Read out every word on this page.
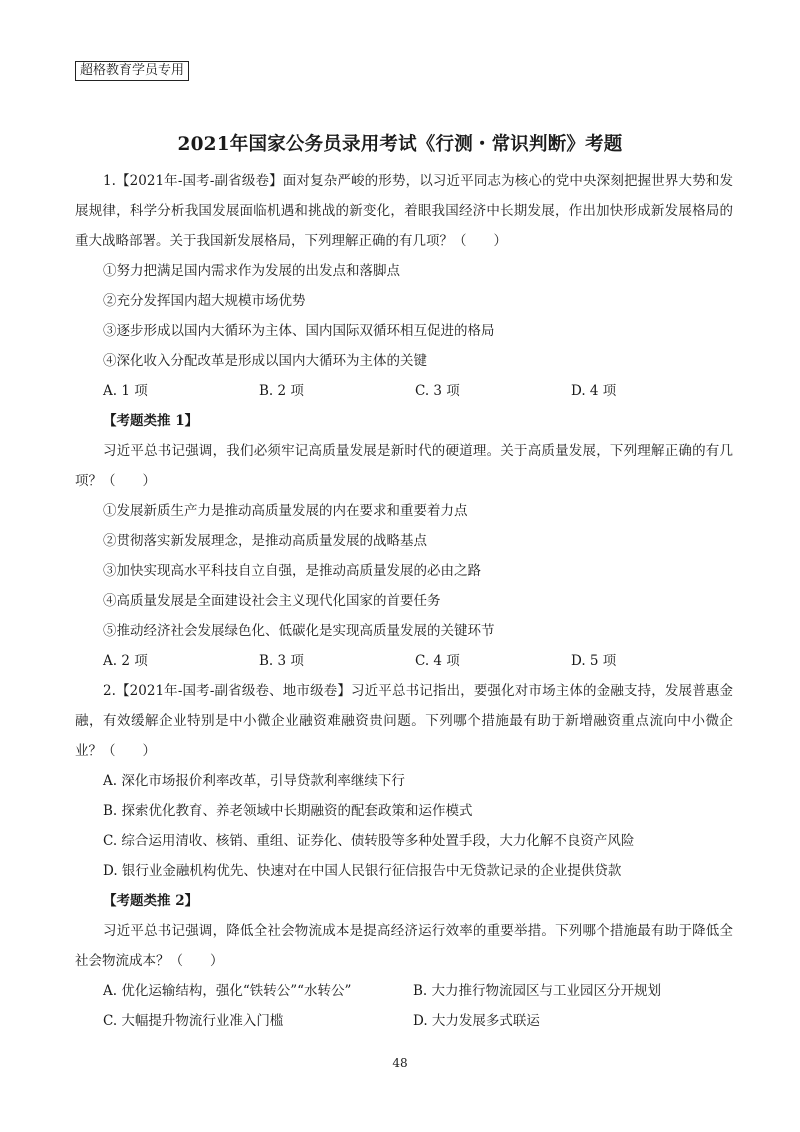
超格教育学员专用
2021年国家公务员录用考试《行测・常识判断》考题

1.【2021年-国考-副省级卷】面对复杂严峻的形势，以习近平同志为核心的党中央深刻把握世界大势和发展规律，科学分析我国发展面临机遇和挑战的新变化，着眼我国经济中长期发展，作出加快形成新发展格局的重大战略部署。关于我国新发展格局，下列理解正确的有几项？（　　）

①努力把满足国内需求作为发展的出发点和落脚点

②充分发挥国内超大规模市场优势

③逐步形成以国内大循环为主体、国内国际双循环相互促进的格局

④深化收入分配改革是形成以国内大循环为主体的关键

A. 1 项	B. 2 项	C. 3 项	D. 4 项

【考题类推 1】

习近平总书记强调，我们必须牢记高质量发展是新时代的硬道理。关于高质量发展，下列理解正确的有几项？（　　）

①发展新质生产力是推动高质量发展的内在要求和重要着力点

②贯彻落实新发展理念，是推动高质量发展的战略基点

③加快实现高水平科技自立自强，是推动高质量发展的必由之路

④高质量发展是全面建设社会主义现代化国家的首要任务

⑤推动经济社会发展绿色化、低碳化是实现高质量发展的关键环节

A. 2 项	B. 3 项	C. 4 项	D. 5 项

2.【2021年-国考-副省级卷、地市级卷】习近平总书记指出，要强化对市场主体的金融支持，发展普惠金融，有效缓解企业特别是中小微企业融资难融资贵问题。下列哪个措施最有助于新增融资重点流向中小微企业？（　　）

A. 深化市场报价利率改革，引导贷款利率继续下行

B. 探索优化教育、养老领域中长期融资的配套政策和运作模式

C. 综合运用清收、核销、重组、证券化、债转股等多种处置手段，大力化解不良资产风险

D. 银行业金融机构优先、快速对在中国人民银行征信报告中无贷款记录的企业提供贷款

【考题类推 2】

习近平总书记强调，降低全社会物流成本是提高经济运行效率的重要举措。下列哪个措施最有助于降低全社会物流成本？（　　）

A. 优化运输结构，强化“铁转公”“水转公”	B. 大力推行物流园区与工业园区分开规划
C. 大幅提升物流行业准入门槛	D. 大力发展多式联运
48
